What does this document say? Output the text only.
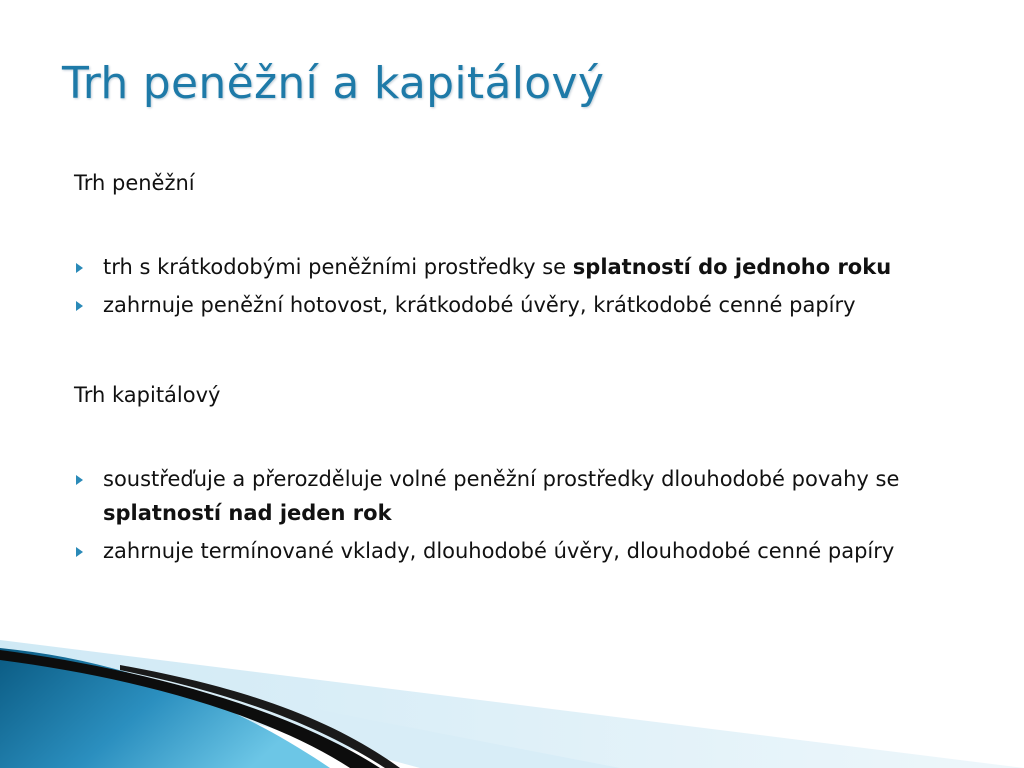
Trh peněžní a kapitálový

Trh peněžní

trh s krátkodobými peněžními prostředky se splatností do jednoho roku
zahrnuje peněžní hotovost, krátkodobé úvěry, krátkodobé cenné papíry

Trh kapitálový

soustřeďuje a přerozděluje volné peněžní prostředky dlouhodobé povahy se splatností nad jeden rok
zahrnuje termínované vklady, dlouhodobé úvěry, dlouhodobé cenné papíry
